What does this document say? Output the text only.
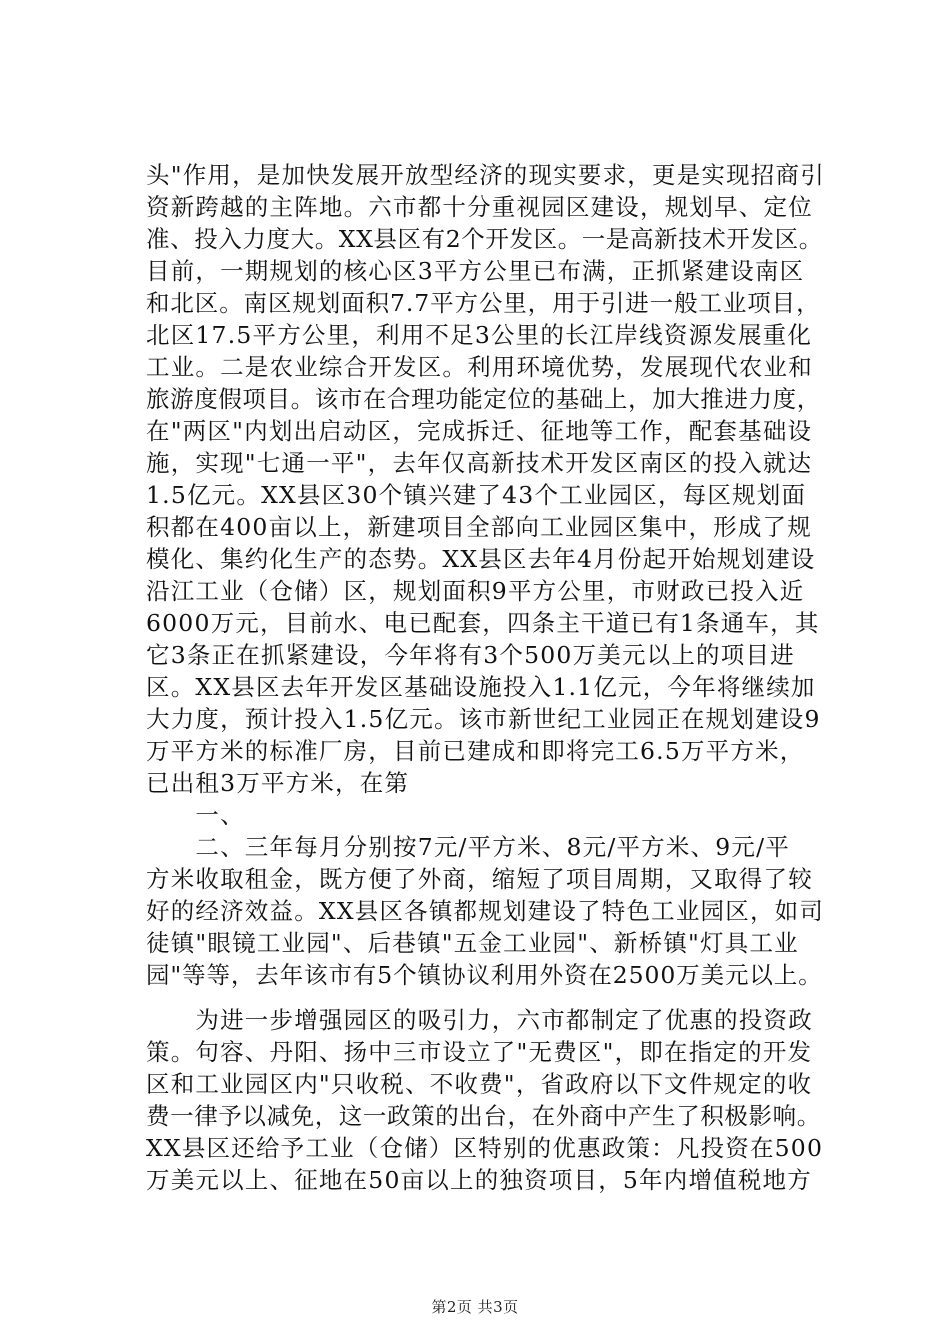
头"作用，是加快发展开放型经济的现实要求，更是实现招商引
资新跨越的主阵地。六市都十分重视园区建设，规划早、定位
准、投入力度大。XX县区有2个开发区。一是高新技术开发区。
目前，一期规划的核心区3平方公里已布满，正抓紧建设南区
和北区。南区规划面积7.7平方公里，用于引进一般工业项目，
北区17.5平方公里，利用不足3公里的长江岸线资源发展重化
工业。二是农业综合开发区。利用环境优势，发展现代农业和
旅游度假项目。该市在合理功能定位的基础上，加大推进力度，
在"两区"内划出启动区，完成拆迁、征地等工作，配套基础设
施，实现"七通一平"，去年仅高新技术开发区南区的投入就达
1.5亿元。XX县区30个镇兴建了43个工业园区，每区规划面
积都在400亩以上，新建项目全部向工业园区集中，形成了规
模化、集约化生产的态势。XX县区去年4月份起开始规划建设
沿江工业（仓储）区，规划面积9平方公里，市财政已投入近
6000万元，目前水、电已配套，四条主干道已有1条通车，其
它3条正在抓紧建设，今年将有3个500万美元以上的项目进
区。XX县区去年开发区基础设施投入1.1亿元，今年将继续加
大力度，预计投入1.5亿元。该市新世纪工业园正在规划建设9
万平方米的标准厂房，目前已建成和即将完工6.5万平方米，
已出租3万平方米，在第
　　一、
　　二、三年每月分别按7元/平方米、8元/平方米、9元/平
方米收取租金，既方便了外商，缩短了项目周期，又取得了较
好的经济效益。XX县区各镇都规划建设了特色工业园区，如司
徒镇"眼镜工业园"、后巷镇"五金工业园"、新桥镇"灯具工业
园"等等，去年该市有5个镇协议利用外资在2500万美元以上。
　　为进一步增强园区的吸引力，六市都制定了优惠的投资政
策。句容、丹阳、扬中三市设立了"无费区"，即在指定的开发
区和工业园区内"只收税、不收费"，省政府以下文件规定的收
费一律予以减免，这一政策的出台，在外商中产生了积极影响。
XX县区还给予工业（仓储）区特别的优惠政策：凡投资在500
万美元以上、征地在50亩以上的独资项目，5年内增值税地方
第2页 共3页
